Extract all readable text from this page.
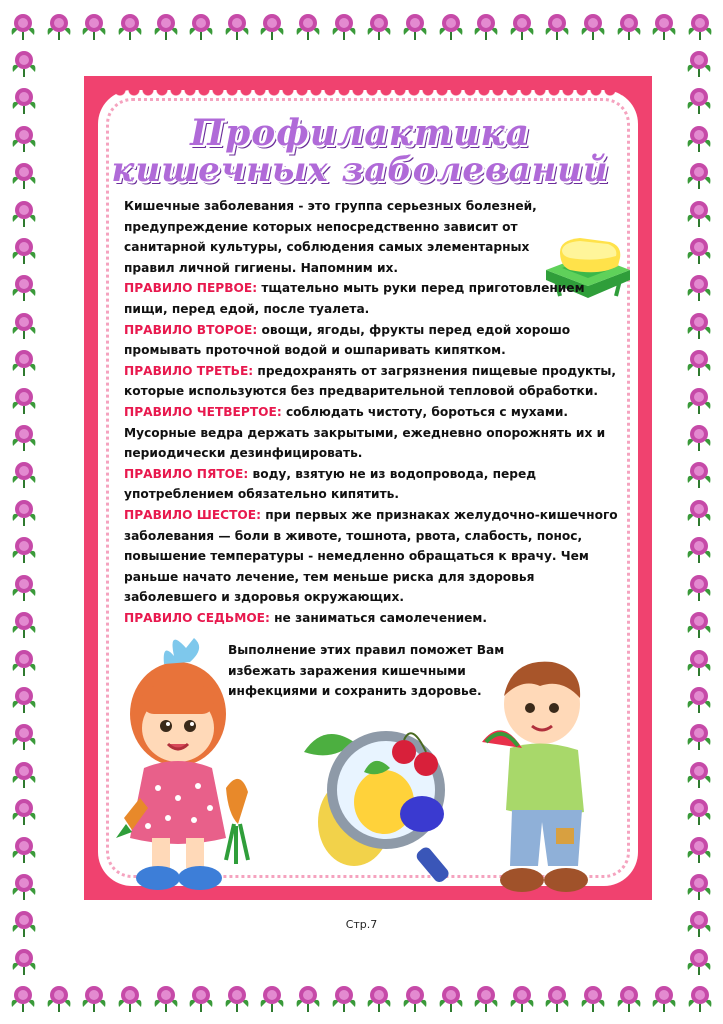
Профилактика
кишечных заболеваний

Кишечные заболевания - это группа серьезных болезней, предупреждение которых непосредственно зависит от санитарной культуры, соблюдения самых элементарных правил личной гигиены. Напомним их.

ПРАВИЛО ПЕРВОЕ: тщательно мыть руки перед приготовлением пищи, перед едой, после туалета.

ПРАВИЛО ВТОРОЕ: овощи, ягоды, фрукты перед едой хорошо промывать проточной водой и ошпаривать кипятком.

ПРАВИЛО ТРЕТЬЕ: предохранять от загрязнения пищевые продукты, которые используются без предварительной тепловой обработки.

ПРАВИЛО ЧЕТВЕРТОЕ: соблюдать чистоту, бороться с мухами. Мусорные ведра держать закрытыми, ежедневно опорожнять их и периодически дезинфицировать.

ПРАВИЛО ПЯТОЕ: воду, взятую не из водопровода, перед употреблением обязательно кипятить.

ПРАВИЛО ШЕСТОЕ: при первых же признаках желудочно-кишечного заболевания — боли в животе, тошнота, рвота, слабость, понос, повышение температуры - немедленно обращаться к врачу. Чем раньше начато лечение, тем меньше риска для здоровья заболевшего и здоровья окружающих.

ПРАВИЛО СЕДЬМОЕ: не заниматься самолечением.

Выполнение этих правил поможет Вам избежать заражения кишечными инфекциями и сохранить здоровье.
Стр.7
